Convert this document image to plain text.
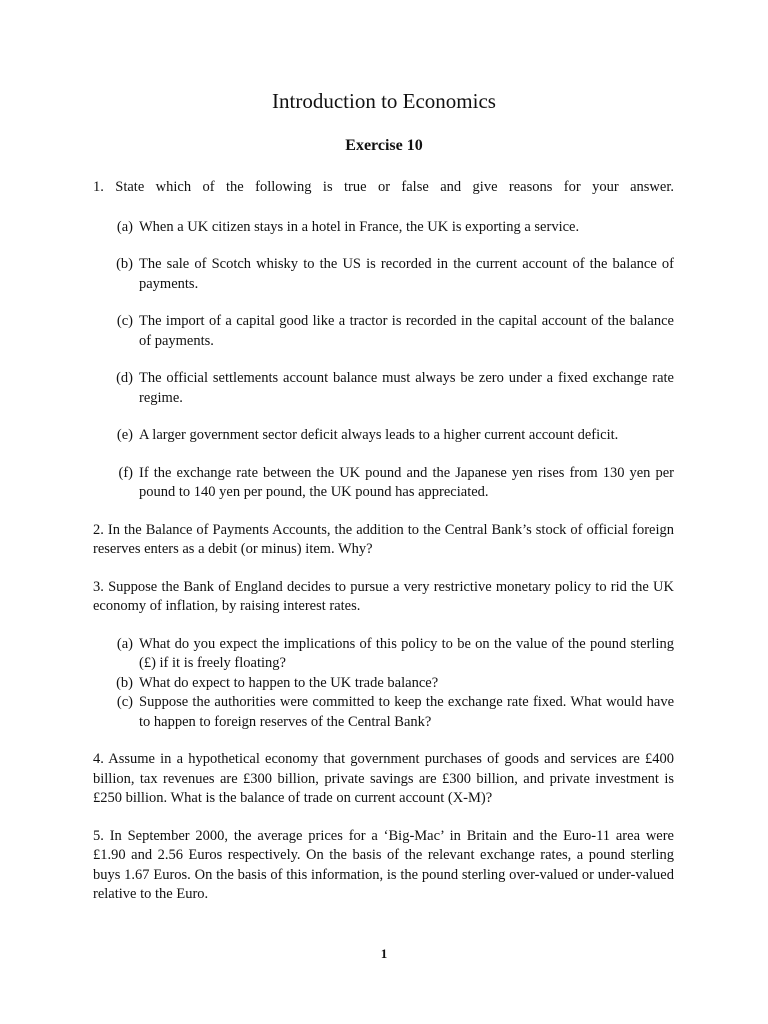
Introduction to Economics
Exercise 10

1. State which of the following is true or false and give reasons for your answer.

(a) When a UK citizen stays in a hotel in France, the UK is exporting a service.
(b) The sale of Scotch whisky to the US is recorded in the current account of the balance of payments.
(c) The import of a capital good like a tractor is recorded in the capital account of the balance of payments.
(d) The official settlements account balance must always be zero under a fixed exchange rate regime.
(e) A larger government sector deficit always leads to a higher current account deficit.
(f) If the exchange rate between the UK pound and the Japanese yen rises from 130 yen per pound to 140 yen per pound, the UK pound has appreciated.

2. In the Balance of Payments Accounts, the addition to the Central Bank’s stock of official foreign reserves enters as a debit (or minus) item. Why?

3. Suppose the Bank of England decides to pursue a very restrictive monetary policy to rid the UK economy of inflation, by raising interest rates.

(a) What do you expect the implications of this policy to be on the value of the pound sterling (£) if it is freely floating?
(b) What do expect to happen to the UK trade balance?
(c) Suppose the authorities were committed to keep the exchange rate fixed. What would have to happen to foreign reserves of the Central Bank?

4. Assume in a hypothetical economy that government purchases of goods and services are £400 billion, tax revenues are £300 billion, private savings are £300 billion, and private investment is £250 billion. What is the balance of trade on current account (X-M)?

5. In September 2000, the average prices for a ‘Big-Mac’ in Britain and the Euro-11 area were £1.90 and 2.56 Euros respectively. On the basis of the relevant exchange rates, a pound sterling buys 1.67 Euros. On the basis of this information, is the pound sterling over-valued or under-valued relative to the Euro.

1
